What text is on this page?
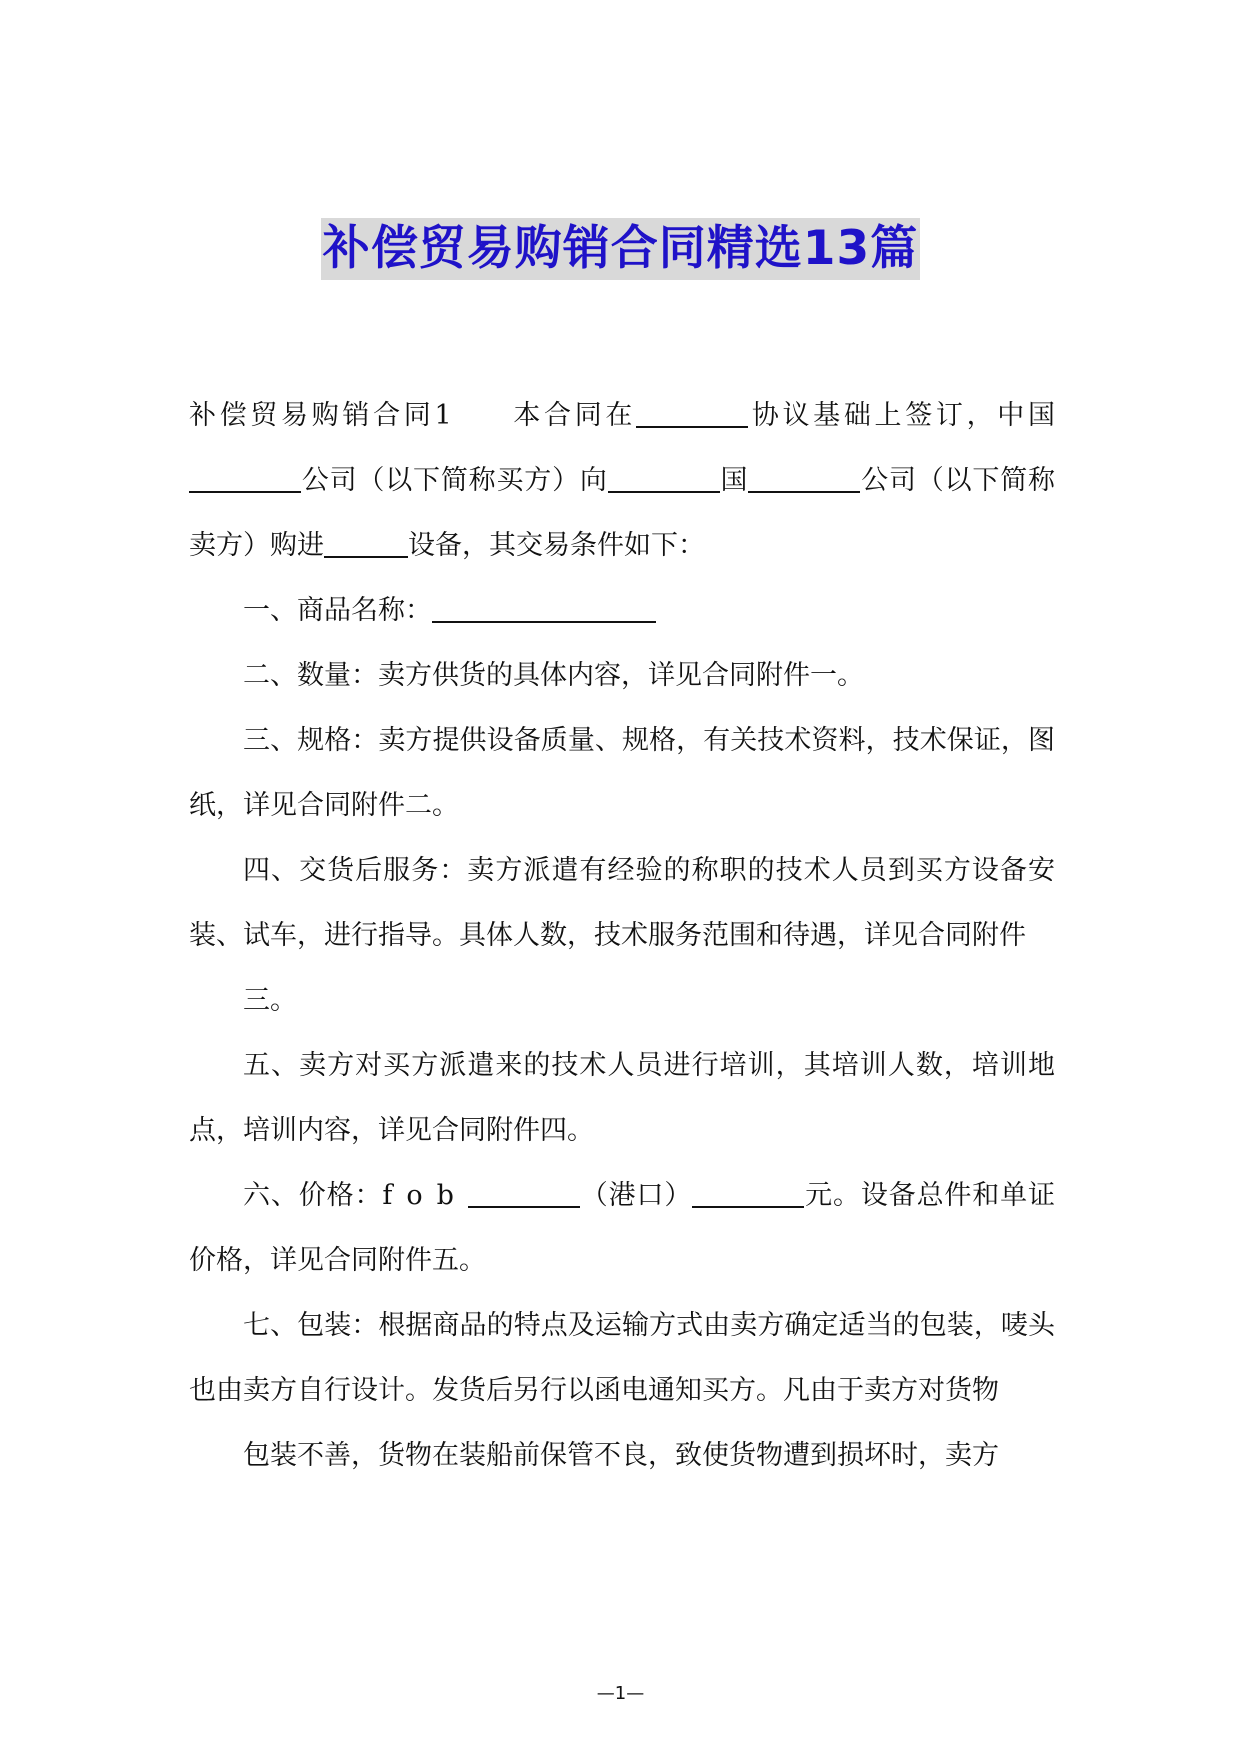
补偿贸易购销合同精选13篇

补偿贸易购销合同1 本合同在	协议基础上签订，中国公司（以下简称买方）向	国	公司（以下简称卖方）购进	设备，其交易条件如下：

一、商品名称：

二、数量：卖方供货的具体内容，详见合同附件一。

三、规格：卖方提供设备质量、规格，有关技术资料，技术保证，图纸，详见合同附件二。

四、交货后服务：卖方派遣有经验的称职的技术人员到买方设备安装、试车，进行指导。具体人数，技术服务范围和待遇，详见合同附件

三。

五、卖方对买方派遣来的技术人员进行培训，其培训人数，培训地点，培训内容，详见合同附件四。

六、价格：fob	（港口）	元。设备总件和单证价格，详见合同附件五。

七、包装：根据商品的特点及运输方式由卖方确定适当的包装，唛头也由卖方自行设计。发货后另行以函电通知买方。凡由于卖方对货物

包装不善，货物在装船前保管不良，致使货物遭到损坏时，卖方

—1—
